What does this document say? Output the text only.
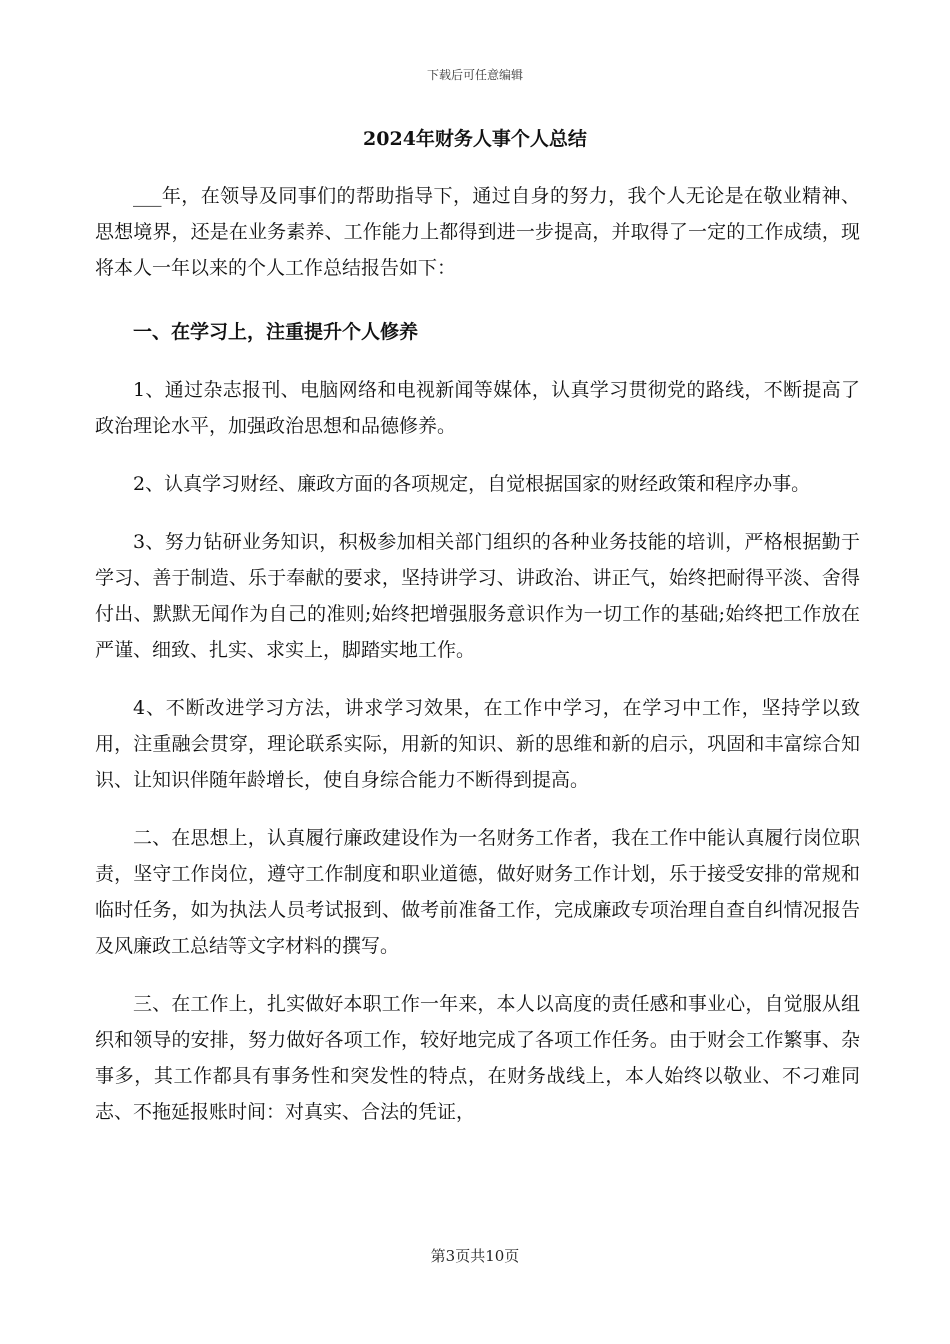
下载后可任意编辑
2024年财务人事个人总结

___年，在领导及同事们的帮助指导下，通过自身的努力，我个人无论是在敬业精神、思想境界，还是在业务素养、工作能力上都得到进一步提高，并取得了一定的工作成绩，现将本人一年以来的个人工作总结报告如下：

一、在学习上，注重提升个人修养

1、通过杂志报刊、电脑网络和电视新闻等媒体，认真学习贯彻党的路线，不断提高了政治理论水平，加强政治思想和品德修养。

2、认真学习财经、廉政方面的各项规定，自觉根据国家的财经政策和程序办事。

3、努力钻研业务知识，积极参加相关部门组织的各种业务技能的培训，严格根据勤于学习、善于制造、乐于奉献的要求，坚持讲学习、讲政治、讲正气，始终把耐得平淡、舍得付出、默默无闻作为自己的准则;始终把增强服务意识作为一切工作的基础;始终把工作放在严谨、细致、扎实、求实上，脚踏实地工作。

4、不断改进学习方法，讲求学习效果，在工作中学习，在学习中工作，坚持学以致用，注重融会贯穿，理论联系实际，用新的知识、新的思维和新的启示，巩固和丰富综合知识、让知识伴随年龄增长，使自身综合能力不断得到提高。

二、在思想上，认真履行廉政建设作为一名财务工作者，我在工作中能认真履行岗位职责，坚守工作岗位，遵守工作制度和职业道德，做好财务工作计划，乐于接受安排的常规和临时任务，如为执法人员考试报到、做考前准备工作，完成廉政专项治理自查自纠情况报告及风廉政工总结等文字材料的撰写。

三、在工作上，扎实做好本职工作一年来，本人以高度的责任感和事业心，自觉服从组织和领导的安排，努力做好各项工作，较好地完成了各项工作任务。由于财会工作繁事、杂事多，其工作都具有事务性和突发性的特点，在财务战线上，本人始终以敬业、不刁难同志、不拖延报账时间：对真实、合法的凭证，

第3页共10页
